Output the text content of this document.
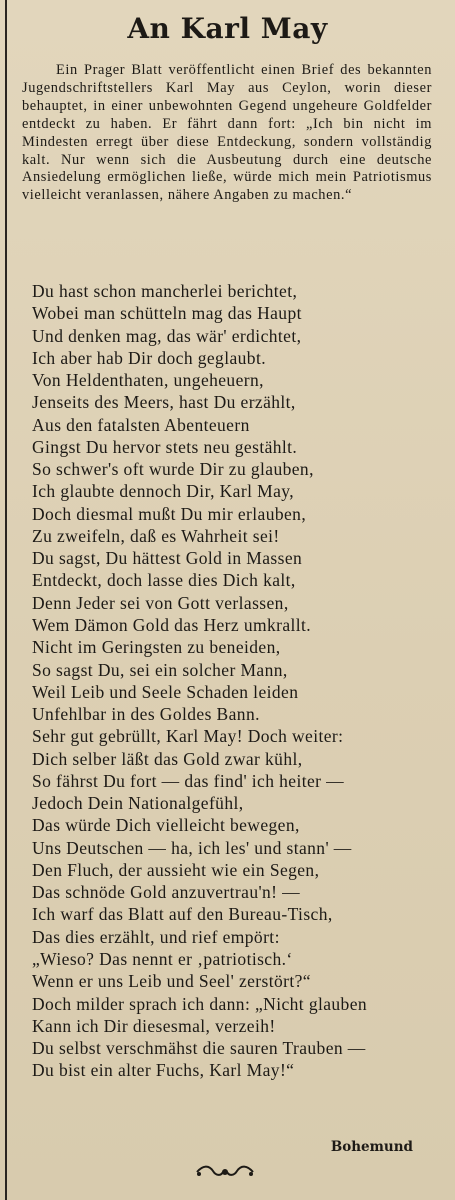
An Karl May

Ein Prager Blatt veröffentlicht einen Brief des bekannten Jugendschriftstellers Karl May aus Ceylon, worin dieser behauptet, in einer unbewohnten Gegend ungeheure Goldfelder entdeckt zu haben. Er fährt dann fort: „Ich bin nicht im Mindesten erregt über diese Entdeckung, sondern vollständig kalt. Nur wenn sich die Ausbeutung durch eine deutsche Ansiedelung ermöglichen ließe, würde mich mein Patriotismus vielleicht veranlassen, nähere Angaben zu machen.“

Du hast schon mancherlei berichtet,
Wobei man schütteln mag das Haupt
Und denken mag, das wär' erdichtet,
Ich aber hab Dir doch geglaubt.
Von Heldenthaten, ungeheuern,
Jenseits des Meers, hast Du erzählt,
Aus den fatalsten Abenteuern
Gingst Du hervor stets neu gestählt.
So schwer's oft wurde Dir zu glauben,
Ich glaubte dennoch Dir, Karl May,
Doch diesmal mußt Du mir erlauben,
Zu zweifeln, daß es Wahrheit sei!
Du sagst, Du hättest Gold in Massen
Entdeckt, doch lasse dies Dich kalt,
Denn Jeder sei von Gott verlassen,
Wem Dämon Gold das Herz umkrallt.
Nicht im Geringsten zu beneiden,
So sagst Du, sei ein solcher Mann,
Weil Leib und Seele Schaden leiden
Unfehlbar in des Goldes Bann.
Sehr gut gebrüllt, Karl May! Doch weiter:
Dich selber läßt das Gold zwar kühl,
So fährst Du fort — das find' ich heiter —
Jedoch Dein Nationalgefühl,
Das würde Dich vielleicht bewegen,
Uns Deutschen — ha, ich les' und stann' —
Den Fluch, der aussieht wie ein Segen,
Das schnöde Gold anzuvertrau'n! —
Ich warf das Blatt auf den Bureau-Tisch,
Das dies erzählt, und rief empört:
„Wieso? Das nennt er ‚patriotisch.‘
Wenn er uns Leib und Seel' zerstört?“
Doch milder sprach ich dann: „Nicht glauben
Kann ich Dir diesesmal, verzeih!
Du selbst verschmähst die sauren Trauben —
Du bist ein alter Fuchs, Karl May!“
Bohemund
